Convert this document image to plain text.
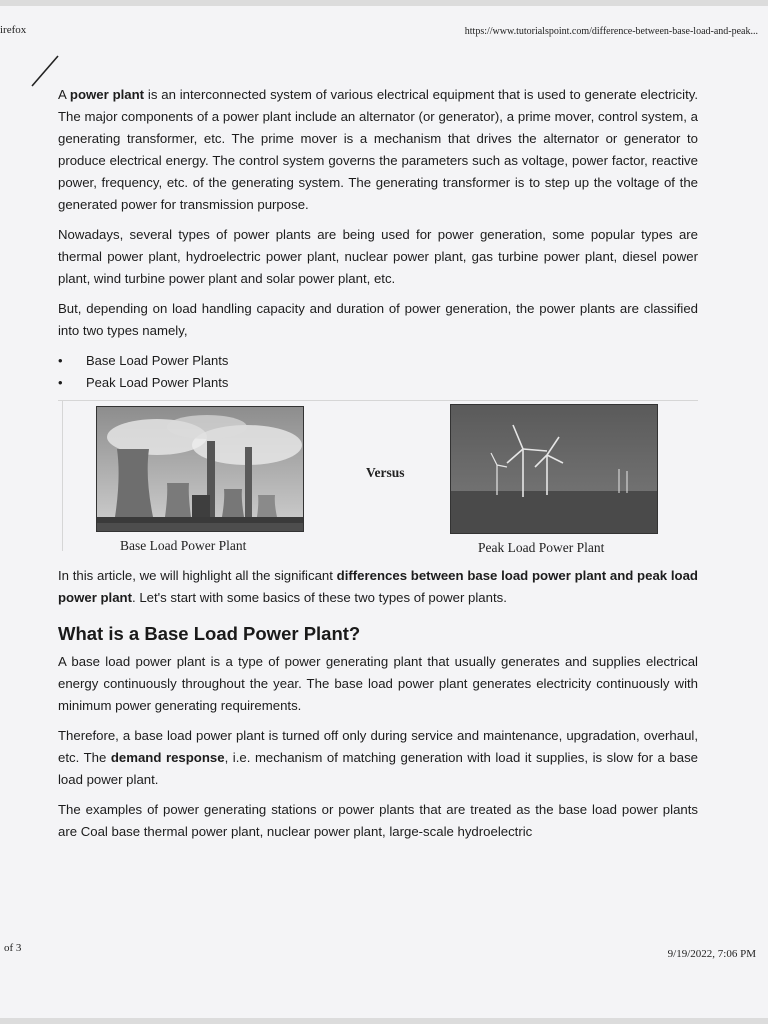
irefox	https://www.tutorialspoint.com/difference-between-base-load-and-peak...

A power plant is an interconnected system of various electrical equipment that is used to generate electricity. The major components of a power plant include an alternator (or generator), a prime mover, control system, a generating transformer, etc. The prime mover is a mechanism that drives the alternator or generator to produce electrical energy. The control system governs the parameters such as voltage, power factor, reactive power, frequency, etc. of the generating system. The generating transformer is to step up the voltage of the generated power for transmission purpose.

Nowadays, several types of power plants are being used for power generation, some popular types are thermal power plant, hydroelectric power plant, nuclear power plant, gas turbine power plant, diesel power plant, wind turbine power plant and solar power plant, etc.

But, depending on load handling capacity and duration of power generation, the power plants are classified into two types namely,

• Base Load Power Plants
• Peak Load Power Plants
Versus
Base Load Power Plant	Peak Load Power Plant

In this article, we will highlight all the significant differences between base load power plant and peak load power plant. Let's start with some basics of these two types of power plants.

What is a Base Load Power Plant?

A base load power plant is a type of power generating plant that usually generates and supplies electrical energy continuously throughout the year. The base load power plant generates electricity continuously with minimum power generating requirements.

Therefore, a base load power plant is turned off only during service and maintenance, upgradation, overhaul, etc. The demand response, i.e. mechanism of matching generation with load it supplies, is slow for a base load power plant.

The examples of power generating stations or power plants that are treated as the base load power plants are Coal base thermal power plant, nuclear power plant, large-scale hydroelectric

of 3	9/19/2022, 7:06 PM
